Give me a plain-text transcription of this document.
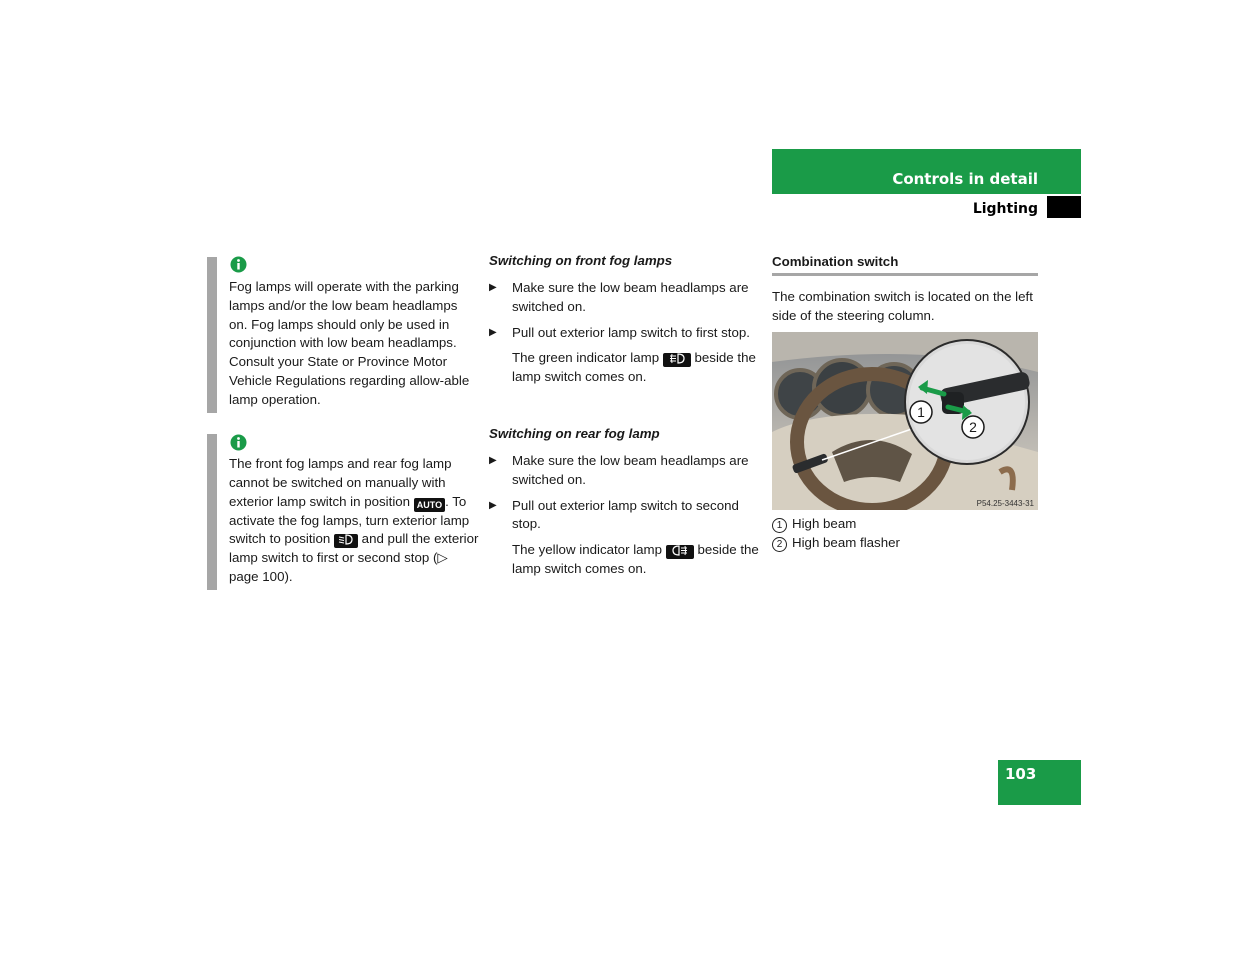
Controls in detail
Lighting
Fog lamps will operate with the parking lamps and/or the low beam headlamps on. Fog lamps should only be used in conjunction with low beam headlamps. Consult your State or Province Motor Vehicle Regulations regarding allow-able lamp operation.
The front fog lamps and rear fog lamp cannot be switched on manually with exterior lamp switch in position AUTO . To activate the fog lamps, turn exterior lamp switch to position and pull the exterior lamp switch to first or second stop (▷ page 100).
Switching on front fog lamps
▶ Make sure the low beam headlamps are switched on.
▶ Pull out exterior lamp switch to first stop.
The green indicator lamp	beside the lamp switch comes on.
Switching on rear fog lamp
▶ Make sure the low beam headlamps are switched on.
▶ Pull out exterior lamp switch to second stop.
The yellow indicator lamp	beside the lamp switch comes on.
Combination switch
The combination switch is located on the left side of the steering column.
1
2
P54.25-3443-31
1 High beam
2 High beam flasher
103
